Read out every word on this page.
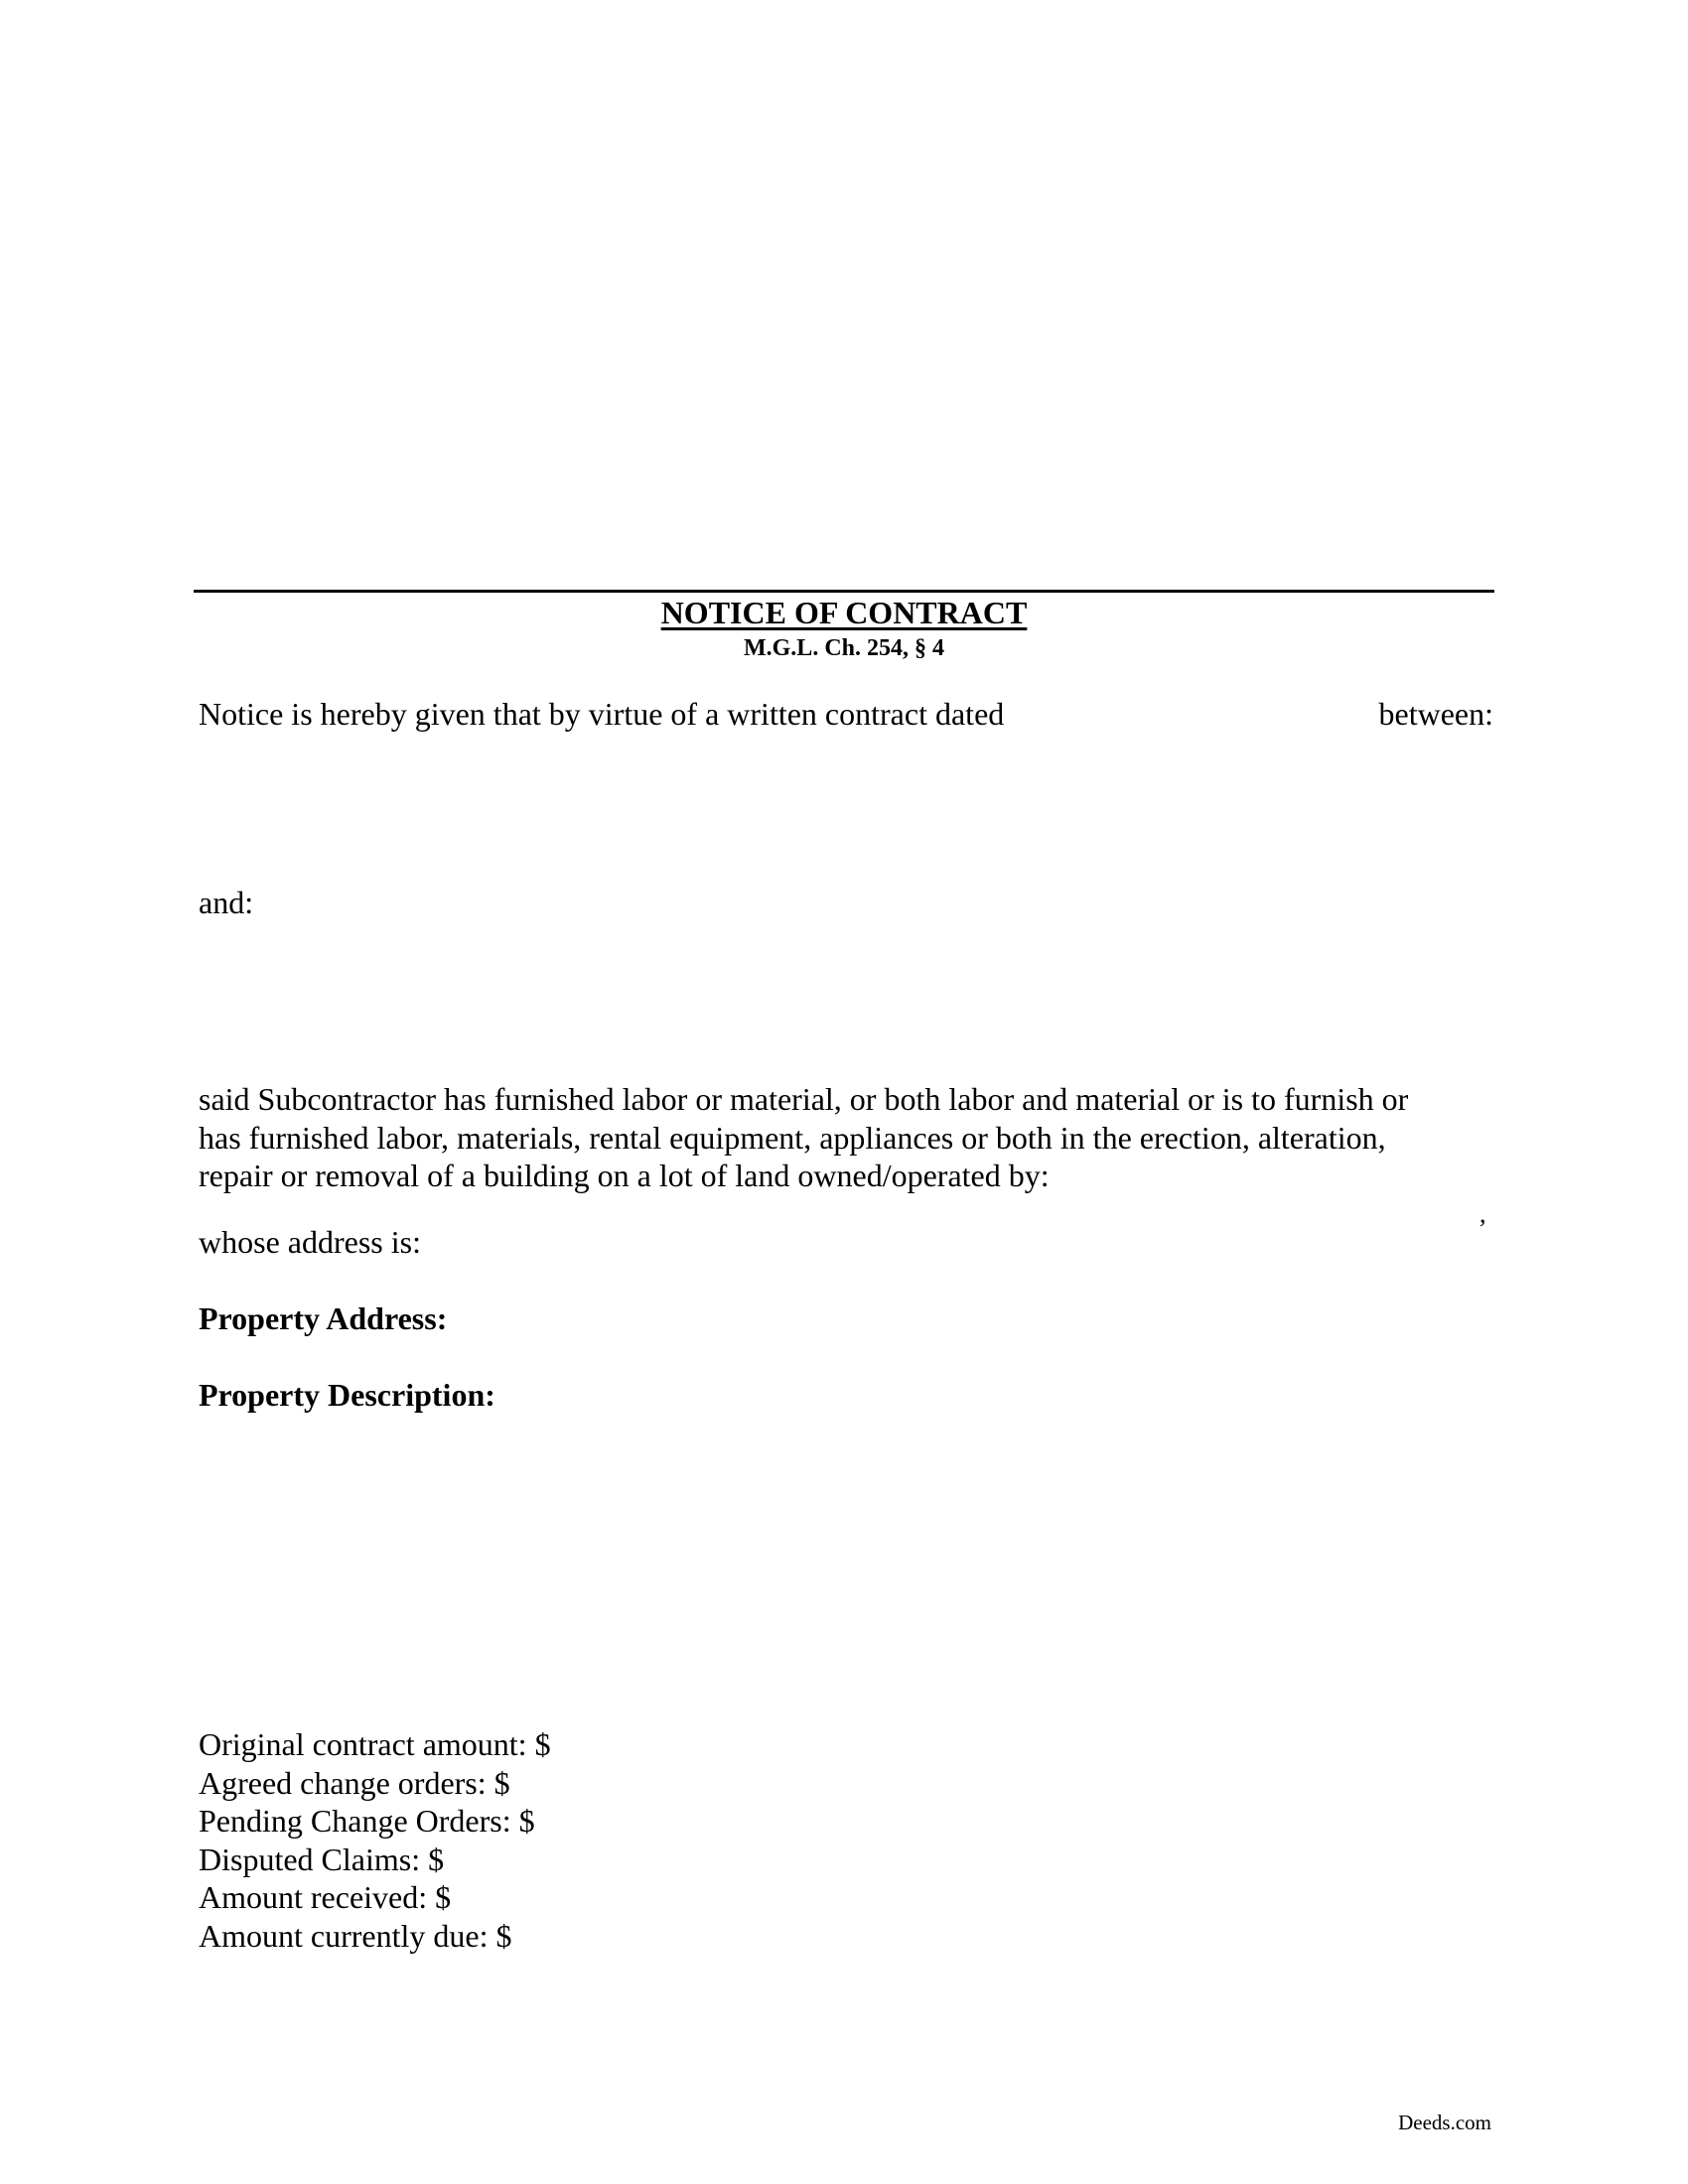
NOTICE OF CONTRACT
M.G.L. Ch. 254, § 4
Notice is hereby given that by virtue of a written contract dated	between:
and:
said Subcontractor has furnished labor or material, or both labor and material or is to furnish or
has furnished labor, materials, rental equipment, appliances or both in the erection, alteration,
repair or removal of a building on a lot of land owned/operated by:
,
whose address is:
Property Address:
Property Description:
Original contract amount: $
Agreed change orders: $
Pending Change Orders: $
Disputed Claims: $
Amount received: $
Amount currently due: $
Deeds.com
